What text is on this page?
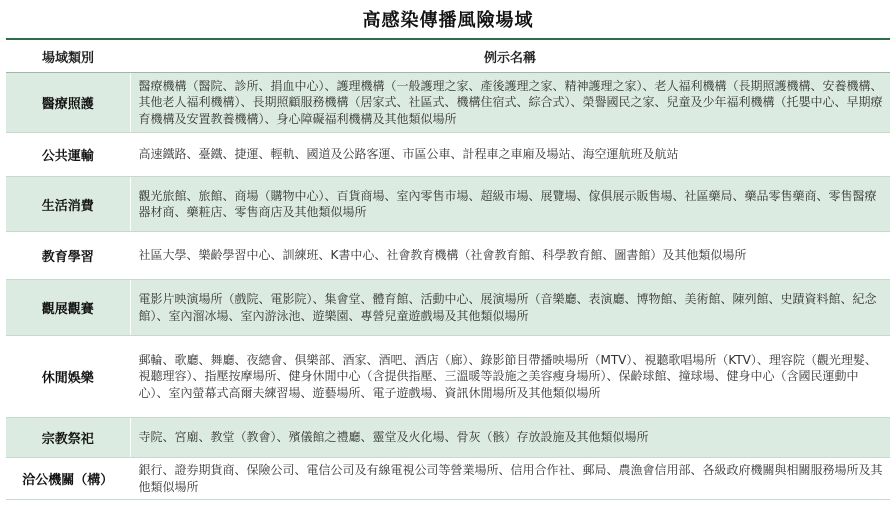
高感染傳播風險場域
場域類別	例示名稱
醫療照護	醫療機構（醫院、診所、捐血中心）、護理機構（一般護理之家、產後護理之家、精神護理之家）、老人福利機構（長期照護機構、安養機構、其他老人福利機構）、長期照顧服務機構（居家式、社區式、機構住宿式、綜合式）、榮譽國民之家、兒童及少年福利機構（托嬰中心、早期療育機構及安置教養機構）、身心障礙福利機構及其他類似場所
公共運輸	高速鐵路、臺鐵、捷運、輕軌、國道及公路客運、市區公車、計程車之車廂及場站、海空運航班及航站
生活消費	觀光旅館、旅館、商場（購物中心）、百貨商場、室內零售市場、超級市場、展覽場、傢俱展示販售場、社區藥局、藥品零售藥商、零售醫療器材商、藥粧店、零售商店及其他類似場所
教育學習	社區大學、樂齡學習中心、訓練班、K書中心、社會教育機構（社會教育館、科學教育館、圖書館）及其他類似場所
觀展觀賽	電影片映演場所（戲院、電影院）、集會堂、體育館、活動中心、展演場所（音樂廳、表演廳、博物館、美術館、陳列館、史蹟資料館、紀念館）、室內溜冰場、室內游泳池、遊樂園、專營兒童遊戲場及其他類似場所
休閒娛樂	郵輪、歌廳、舞廳、夜總會、俱樂部、酒家、酒吧、酒店（廊）、錄影節目帶播映場所（MTV）、視聽歌唱場所（KTV）、理容院（觀光理髮、視聽理容）、指壓按摩場所、健身休閒中心（含提供指壓、三溫暖等設施之美容瘦身場所）、保齡球館、撞球場、健身中心（含國民運動中心）、室內螢幕式高爾夫練習場、遊藝場所、電子遊戲場、資訊休閒場所及其他類似場所
宗教祭祀	寺院、宮廟、教堂（教會）、殯儀館之禮廳、靈堂及火化場、骨灰（骸）存放設施及其他類似場所
洽公機關（構）	銀行、證券期貨商、保險公司、電信公司及有線電視公司等營業場所、信用合作社、郵局、農漁會信用部、各級政府機關與相關服務場所及其他類似場所
